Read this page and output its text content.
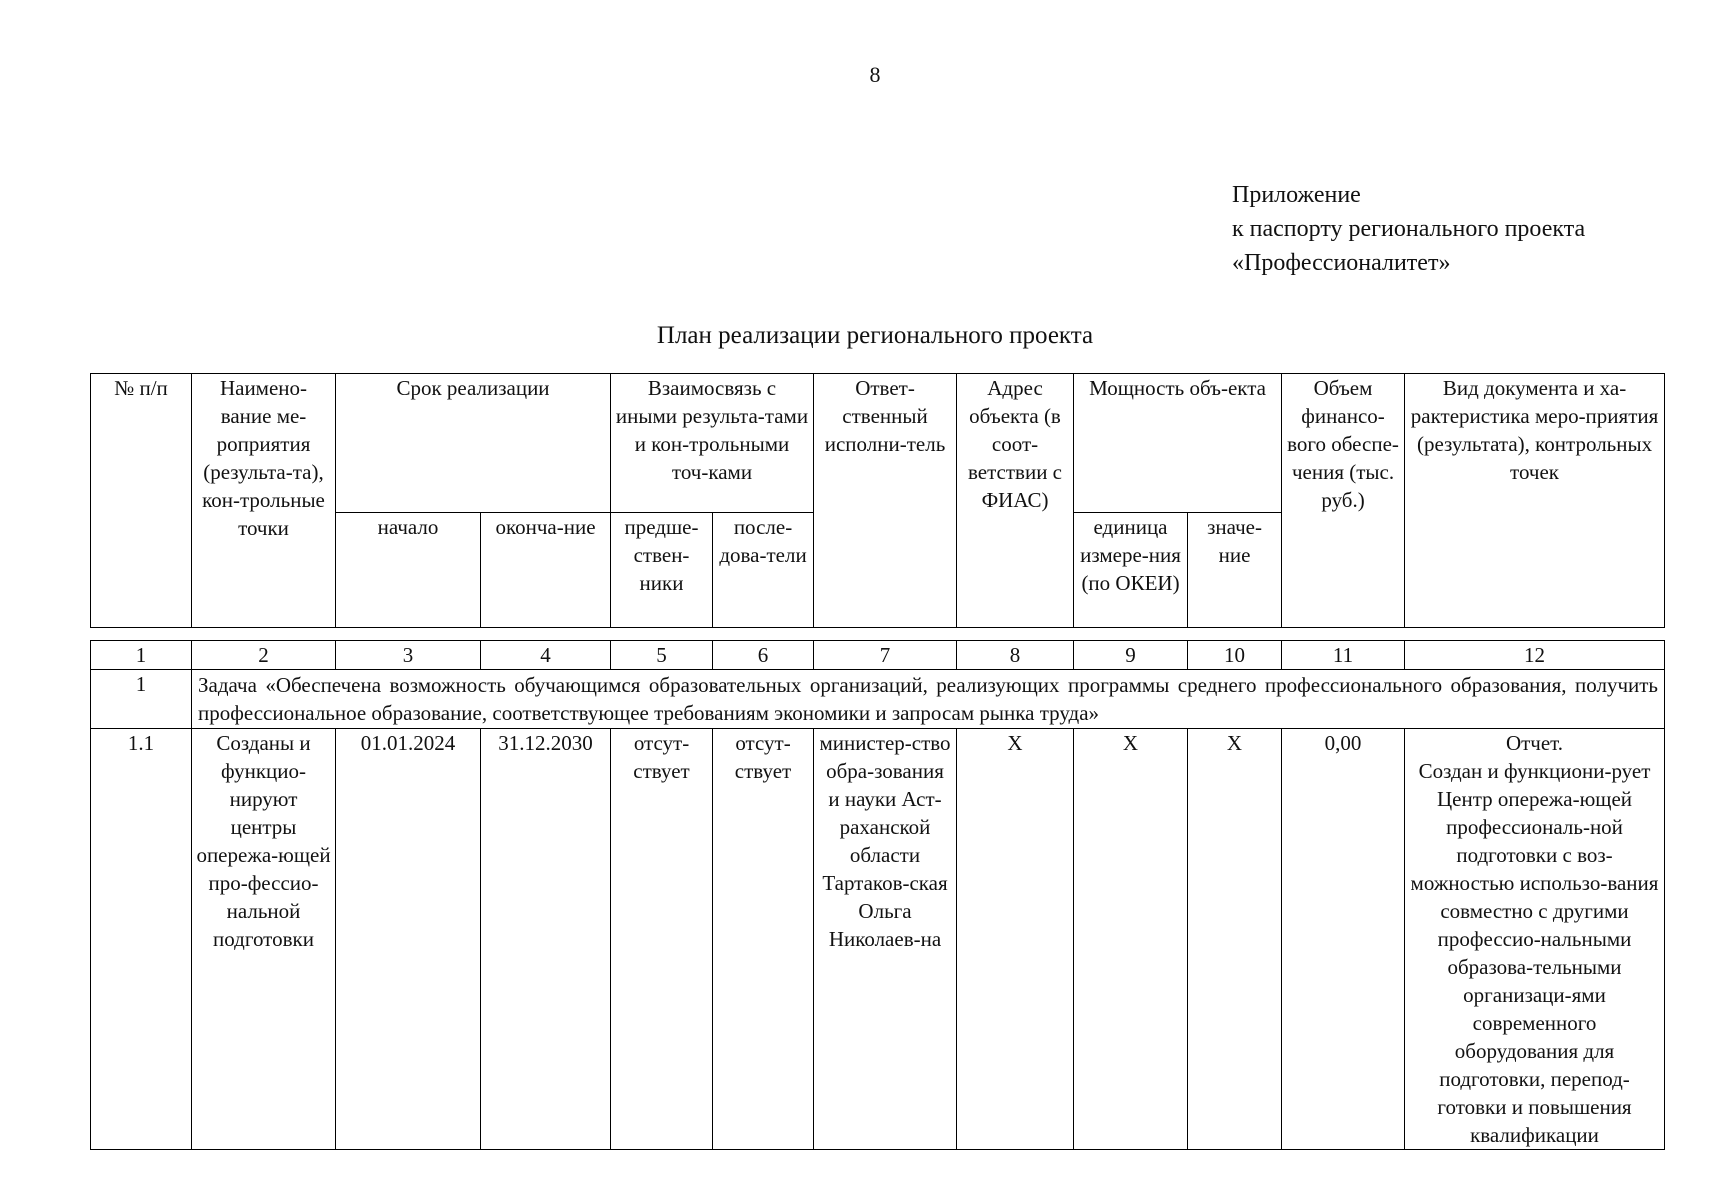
8
Приложение
к паспорту регионального проекта
«Профессионалитет»
План реализации регионального проекта
№ п/п	Наимено-вание ме-роприятия (результа-та), кон-трольные точки	Срок реализации		Взаимосвязь с иными результа-тами и кон-трольными точ-ками		Ответ-ственный исполни-тель	Адрес объекта (в соот-ветствии с ФИАС)	Мощность объ-екта		Объем финансо-вого обеспе-чения (тыс. руб.)	Вид документа и ха-рактеристика меро-приятия (результата), контрольных точек
		начало	оконча-ние	предше-ствен-ники	после-дова-тели			единица измере-ния (по ОКЕИ)	значе-ние		
1	2	3	4	5	6	7	8	9	10	11	12
1	Задача «Обеспечена возможность обучающимся образовательных организаций, реализующих программы среднего профессионального образования, получить профессиональное образование, соответствующее требованиям экономики и запросам рынка труда»										
1.1	Созданы и функцио-нируют центры опережа-ющей про-фессио-нальной подготовки	01.01.2024	31.12.2030	отсут-ствует	отсут-ствует	министер-ство обра-зования и науки Аст-раханской области Тартаков-ская Ольга Николаев-на	X	X	X	0,00	Отчет.
Создан и функциони-рует Центр опережа-ющей профессиональ-ной подготовки с воз-можностью использо-вания совместно с другими профессио-нальными образова-тельными организаци-ями современного оборудования для подготовки, перепод-готовки и повышения квалификации
